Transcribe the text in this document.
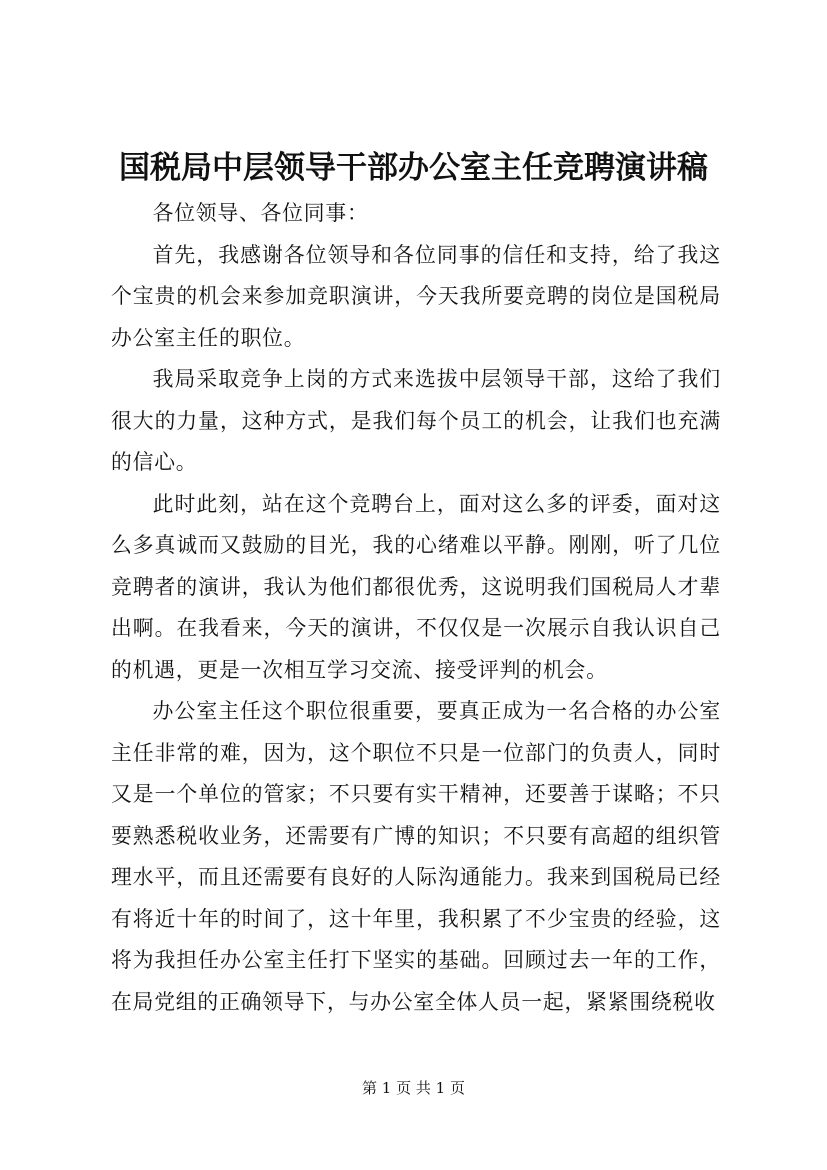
国税局中层领导干部办公室主任竞聘演讲稿

各位领导、各位同事：

首先，我感谢各位领导和各位同事的信任和支持，给了我这个宝贵的机会来参加竞职演讲，今天我所要竞聘的岗位是国税局办公室主任的职位。

我局采取竞争上岗的方式来选拔中层领导干部，这给了我们很大的力量，这种方式，是我们每个员工的机会，让我们也充满的信心。

此时此刻，站在这个竞聘台上，面对这么多的评委，面对这么多真诚而又鼓励的目光，我的心绪难以平静。刚刚，听了几位竞聘者的演讲，我认为他们都很优秀，这说明我们国税局人才辈出啊。在我看来，今天的演讲，不仅仅是一次展示自我认识自己的机遇，更是一次相互学习交流、接受评判的机会。

办公室主任这个职位很重要，要真正成为一名合格的办公室主任非常的难，因为，这个职位不只是一位部门的负责人，同时又是一个单位的管家；不只要有实干精神，还要善于谋略；不只要熟悉税收业务，还需要有广博的知识；不只要有高超的组织管理水平，而且还需要有良好的人际沟通能力。我来到国税局已经有将近十年的时间了，这十年里，我积累了不少宝贵的经验，这将为我担任办公室主任打下坚实的基础。回顾过去一年的工作，在局党组的正确领导下，与办公室全体人员一起，紧紧围绕税收

第 1 页 共 1 页
